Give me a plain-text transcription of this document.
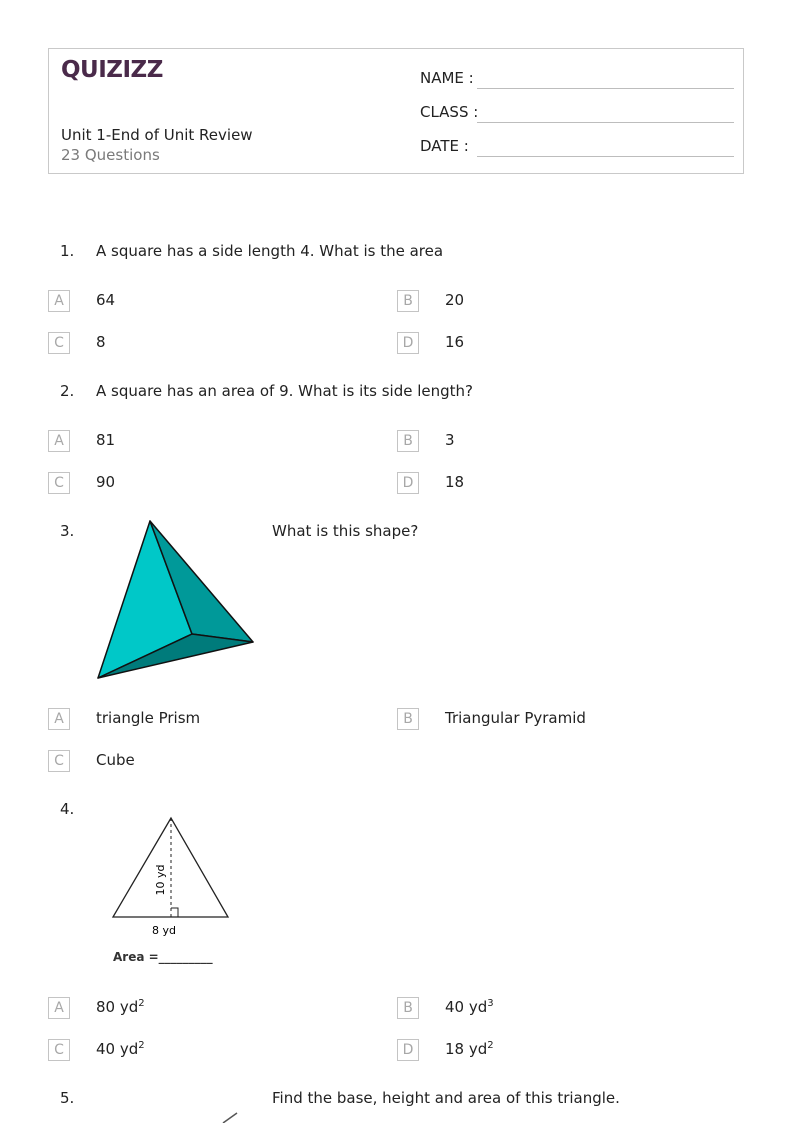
QUIZIZZ
Unit 1-End of Unit Review
23 Questions
NAME :
CLASS :
DATE :
1. A square has a side length 4. What is the area
A	64	B	20
C	8	D	16
2. A square has an area of 9. What is its side length?
A	81	B	3
C	90	D	18
3.	What is this shape?
A	triangle Prism	B	Triangular Pyramid
C	Cube
4.
10 yd
8 yd
Area =_________
A	80 $yd^2$	B	40 $yd^3$
C	40 $yd^2$	D	18 $yd^2$
5.	Find the base, height and area of this triangle.
